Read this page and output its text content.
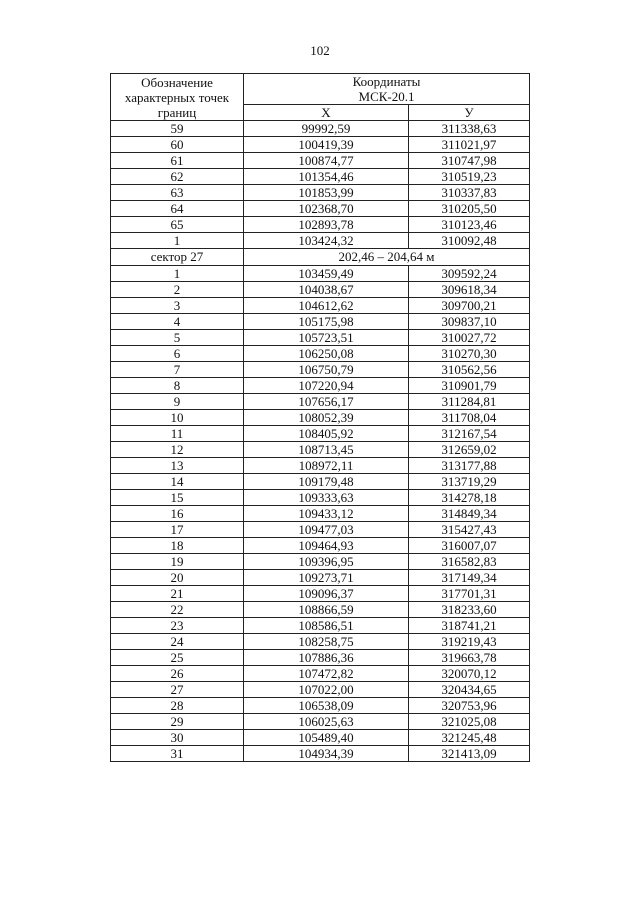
102
Обозначение
характерных точек
границ	Координаты
МСК-20.1	
	X	У
59	99992,59	311338,63
60	100419,39	311021,97
61	100874,77	310747,98
62	101354,46	310519,23
63	101853,99	310337,83
64	102368,70	310205,50
65	102893,78	310123,46
1	103424,32	310092,48
сектор 27	202,46 – 204,64 м	
1	103459,49	309592,24
2	104038,67	309618,34
3	104612,62	309700,21
4	105175,98	309837,10
5	105723,51	310027,72
6	106250,08	310270,30
7	106750,79	310562,56
8	107220,94	310901,79
9	107656,17	311284,81
10	108052,39	311708,04
11	108405,92	312167,54
12	108713,45	312659,02
13	108972,11	313177,88
14	109179,48	313719,29
15	109333,63	314278,18
16	109433,12	314849,34
17	109477,03	315427,43
18	109464,93	316007,07
19	109396,95	316582,83
20	109273,71	317149,34
21	109096,37	317701,31
22	108866,59	318233,60
23	108586,51	318741,21
24	108258,75	319219,43
25	107886,36	319663,78
26	107472,82	320070,12
27	107022,00	320434,65
28	106538,09	320753,96
29	106025,63	321025,08
30	105489,40	321245,48
31	104934,39	321413,09
